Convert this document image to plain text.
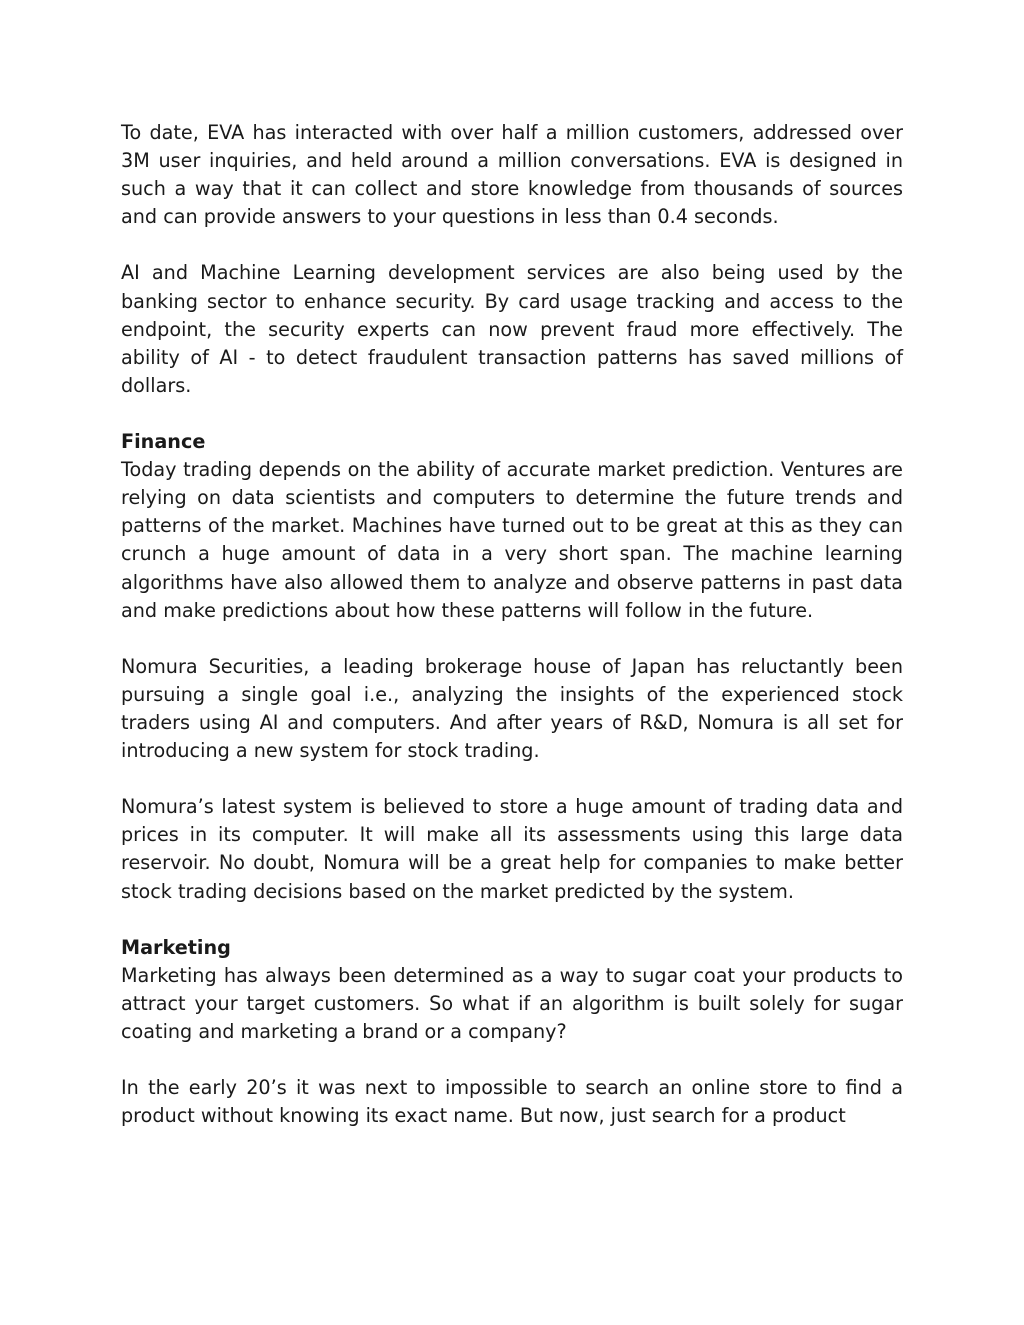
To date, EVA has interacted with over half a million customers, addressed over 3M user inquiries, and held around a million conversations. EVA is designed in such a way that it can collect and store knowledge from thousands of sources and can provide answers to your questions in less than 0.4 seconds.

AI and Machine Learning development services are also being used by the banking sector to enhance security. By card usage tracking and access to the endpoint, the security experts can now prevent fraud more effectively. The ability of AI - to detect fraudulent transaction patterns has saved millions of dollars.

Finance

Today trading depends on the ability of accurate market prediction. Ventures are relying on data scientists and computers to determine the future trends and patterns of the market. Machines have turned out to be great at this as they can crunch a huge amount of data in a very short span. The machine learning algorithms have also allowed them to analyze and observe patterns in past data and make predictions about how these patterns will follow in the future.

Nomura Securities, a leading brokerage house of Japan has reluctantly been pursuing a single goal i.e., analyzing the insights of the experienced stock traders using AI and computers. And after years of R&D, Nomura is all set for introducing a new system for stock trading.

Nomura’s latest system is believed to store a huge amount of trading data and prices in its computer. It will make all its assessments using this large data reservoir. No doubt, Nomura will be a great help for companies to make better stock trading decisions based on the market predicted by the system.

Marketing

Marketing has always been determined as a way to sugar coat your products to attract your target customers. So what if an algorithm is built solely for sugar coating and marketing a brand or a company?

In the early 20’s it was next to impossible to search an online store to find a product without knowing its exact name. But now, just search for a product
